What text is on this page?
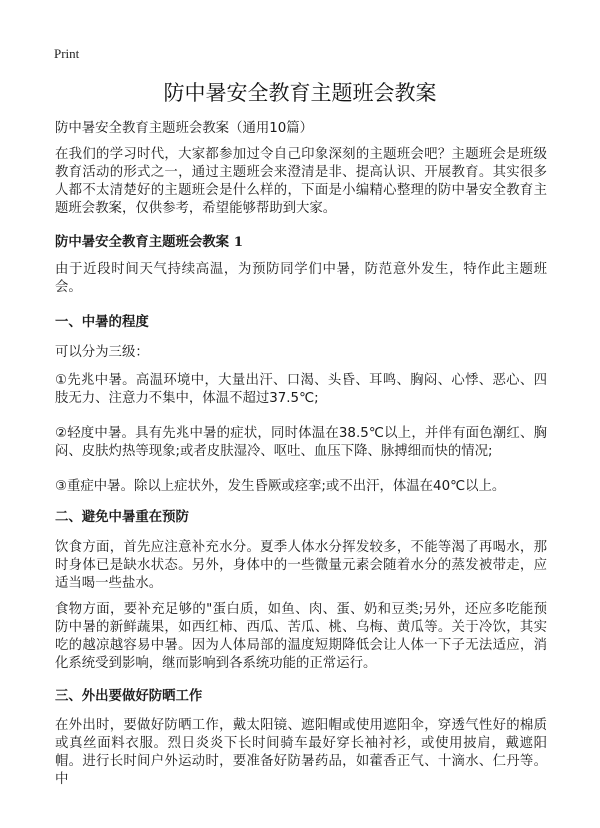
Print
防中暑安全教育主题班会教案

防中暑安全教育主题班会教案（通用10篇）

在我们的学习时代，大家都参加过令自己印象深刻的主题班会吧？主题班会是班级教育活动的形式之一，通过主题班会来澄清是非、提高认识、开展教育。其实很多人都不太清楚好的主题班会是什么样的，下面是小编精心整理的防中暑安全教育主题班会教案，仅供参考，希望能够帮助到大家。

防中暑安全教育主题班会教案 1

由于近段时间天气持续高温，为预防同学们中暑，防范意外发生，特作此主题班会。

一、中暑的程度

可以分为三级：

①先兆中暑。高温环境中，大量出汗、口渴、头昏、耳鸣、胸闷、心悸、恶心、四肢无力、注意力不集中，体温不超过37.5℃;

②轻度中暑。具有先兆中暑的症状，同时体温在38.5℃以上，并伴有面色潮红、胸闷、皮肤灼热等现象;或者皮肤湿冷、呕吐、血压下降、脉搏细而快的情况;

③重症中暑。除以上症状外，发生昏厥或痉挛;或不出汗，体温在40℃以上。

二、避免中暑重在预防

饮食方面，首先应注意补充水分。夏季人体水分挥发较多，不能等渴了再喝水，那时身体已是缺水状态。另外，身体中的一些微量元素会随着水分的蒸发被带走，应适当喝一些盐水。

食物方面，要补充足够的"蛋白质，如鱼、肉、蛋、奶和豆类;另外，还应多吃能预防中暑的新鲜蔬果，如西红柿、西瓜、苦瓜、桃、乌梅、黄瓜等。关于冷饮，其实吃的越凉越容易中暑。因为人体局部的温度短期降低会让人体一下子无法适应，消化系统受到影响，继而影响到各系统功能的正常运行。

三、外出要做好防晒工作

在外出时，要做好防晒工作，戴太阳镜、遮阳帽或使用遮阳伞，穿透气性好的棉质或真丝面料衣服。烈日炎炎下长时间骑车最好穿长袖衬衫，或使用披肩，戴遮阳帽。进行长时间户外运动时，要准备好防暑药品，如藿香正气、十滴水、仁丹等。中
